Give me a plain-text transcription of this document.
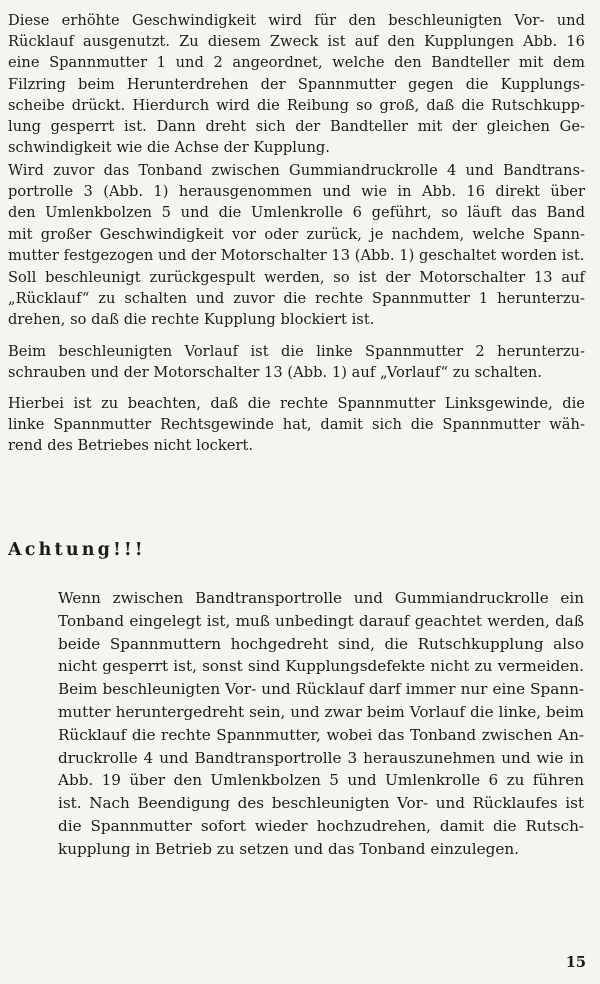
Diese erhöhte Geschwindigkeit wird für den beschleunigten Vor- und
Rücklauf ausgenutzt. Zu diesem Zweck ist auf den Kupplungen Abb. 16
eine Spannmutter 1 und 2 angeordnet, welche den Bandteller mit dem
Filzring beim Herunterdrehen der Spannmutter gegen die Kupplungs-
scheibe drückt. Hierdurch wird die Reibung so groß, daß die Rutschkupp-
lung gesperrt ist. Dann dreht sich der Bandteller mit der gleichen Ge-
schwindigkeit wie die Achse der Kupplung.

Wird zuvor das Tonband zwischen Gummiandruckrolle 4 und Bandtrans-
portrolle 3 (Abb. 1) herausgenommen und wie in Abb. 16 direkt über
den Umlenkbolzen 5 und die Umlenkrolle 6 geführt, so läuft das Band
mit großer Geschwindigkeit vor oder zurück, je nachdem, welche Spann-
mutter festgezogen und der Motorschalter 13 (Abb. 1) geschaltet worden ist.

Soll beschleunigt zurückgespult werden, so ist der Motorschalter 13 auf
„Rücklauf“ zu schalten und zuvor die rechte Spannmutter 1 herunterzu-
drehen, so daß die rechte Kupplung blockiert ist.

Beim beschleunigten Vorlauf ist die linke Spannmutter 2 herunterzu-
schrauben und der Motorschalter 13 (Abb. 1) auf „Vorlauf“ zu schalten.

Hierbei ist zu beachten, daß die rechte Spannmutter Linksgewinde, die
linke Spannmutter Rechtsgewinde hat, damit sich die Spannmutter wäh-
rend des Betriebes nicht lockert.

Achtung!!!

Wenn zwischen Bandtransportrolle und Gummiandruckrolle ein
Tonband eingelegt ist, muß unbedingt darauf geachtet werden, daß
beide Spannmuttern hochgedreht sind, die Rutschkupplung also
nicht gesperrt ist, sonst sind Kupplungsdefekte nicht zu vermeiden.
Beim beschleunigten Vor- und Rücklauf darf immer nur eine Spann-
mutter heruntergedreht sein, und zwar beim Vorlauf die linke, beim
Rücklauf die rechte Spannmutter, wobei das Tonband zwischen An-
druckrolle 4 und Bandtransportrolle 3 herauszunehmen und wie in
Abb. 19 über den Umlenkbolzen 5 und Umlenkrolle 6 zu führen
ist. Nach Beendigung des beschleunigten Vor- und Rücklaufes ist
die Spannmutter sofort wieder hochzudrehen, damit die Rutsch-
kupplung in Betrieb zu setzen und das Tonband einzulegen.

15
